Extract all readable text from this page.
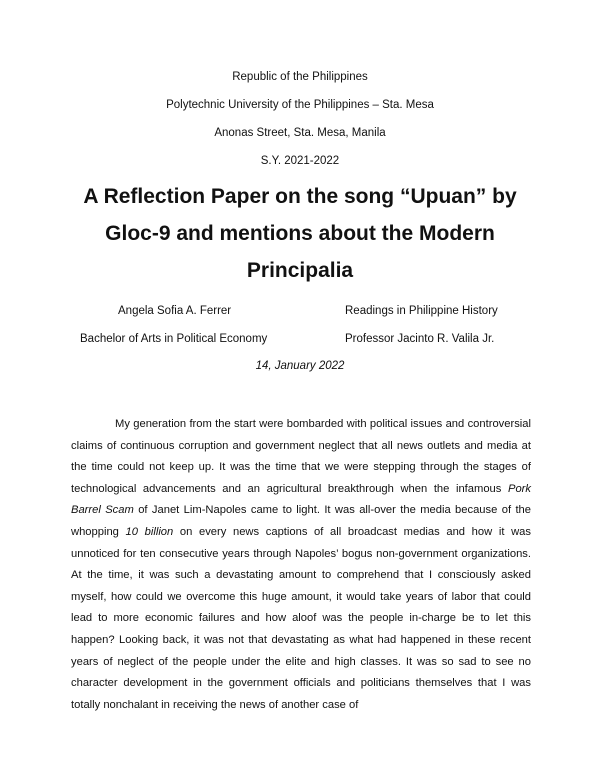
Republic of the Philippines
Polytechnic University of the Philippines – Sta. Mesa
Anonas Street, Sta. Mesa, Manila
S.Y. 2021-2022
A Reflection Paper on the song “Upuan” by
Gloc-9 and mentions about the Modern
Principalia
Angela Sofia A. Ferrer	Readings in Philippine History
Bachelor of Arts in Political Economy	Professor Jacinto R. Valila Jr.
14, January 2022

My generation from the start were bombarded with political issues and controversial claims of continuous corruption and government neglect that all news outlets and media at the time could not keep up. It was the time that we were stepping through the stages of technological advancements and an agricultural breakthrough when the infamous Pork Barrel Scam of Janet Lim-Napoles came to light. It was all-over the media because of the whopping 10 billion on every news captions of all broadcast medias and how it was unnoticed for ten consecutive years through Napoles’ bogus non-government organizations. At the time, it was such a devastating amount to comprehend that I consciously asked myself, how could we overcome this huge amount, it would take years of labor that could lead to more economic failures and how aloof was the people in-charge be to let this happen? Looking back, it was not that devastating as what had happened in these recent years of neglect of the people under the elite and high classes. It was so sad to see no character development in the government officials and politicians themselves that I was totally nonchalant in receiving the news of another case of
